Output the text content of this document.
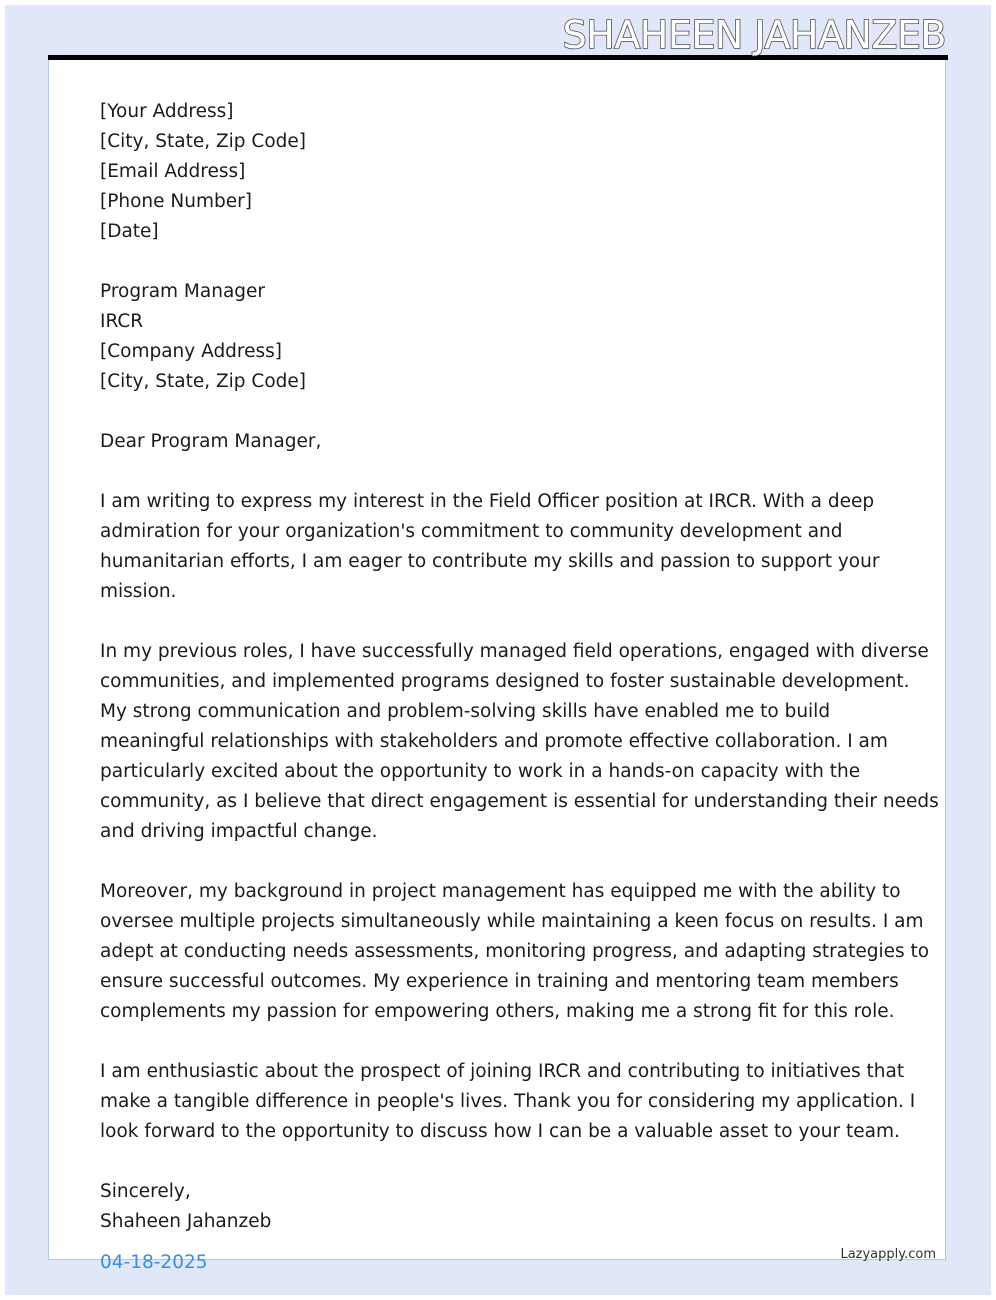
SHAHEEN JAHANZEB
[Your Address]
[City, State, Zip Code]
[Email Address]
[Phone Number]
[Date]
Program Manager
IRCR
[Company Address]
[City, State, Zip Code]
Dear Program Manager,
I am writing to express my interest in the Field Officer position at IRCR. With a deep
admiration for your organization's commitment to community development and
humanitarian efforts, I am eager to contribute my skills and passion to support your
mission.
In my previous roles, I have successfully managed field operations, engaged with diverse
communities, and implemented programs designed to foster sustainable development.
My strong communication and problem-solving skills have enabled me to build
meaningful relationships with stakeholders and promote effective collaboration. I am
particularly excited about the opportunity to work in a hands-on capacity with the
community, as I believe that direct engagement is essential for understanding their needs
and driving impactful change.
Moreover, my background in project management has equipped me with the ability to
oversee multiple projects simultaneously while maintaining a keen focus on results. I am
adept at conducting needs assessments, monitoring progress, and adapting strategies to
ensure successful outcomes. My experience in training and mentoring team members
complements my passion for empowering others, making me a strong fit for this role.
I am enthusiastic about the prospect of joining IRCR and contributing to initiatives that
make a tangible difference in people's lives. Thank you for considering my application. I
look forward to the opportunity to discuss how I can be a valuable asset to your team.
Sincerely,
Shaheen Jahanzeb
04-18-2025	Lazyapply.com
